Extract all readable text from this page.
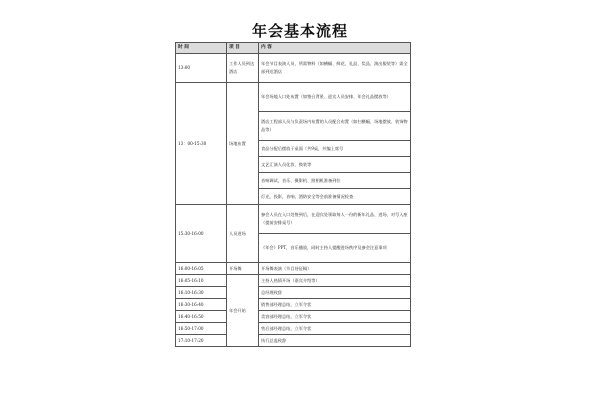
年会基本流程
时 间	项 目	内 容
13:00	工作人员到达酒店	年会节目表演人员、所需物料（如横幅、鲜花、礼品、奖品、演出服装等）需全部到达酒店
13：00-15:30	场地布置	年会场地入口处布置（如签台背景、迎宾人员安排、年会礼品摆放等）
		酒店工程部人员与负责场内布置的人员配合布置（如扫横幅、场地摆放、装饰物品等）
		食品分配后摆放于桌面（共9桌，并编上席号
		文艺汇演人员化妆、换装等
		音响调试，音乐、摄影机、照相机准备到位
		灯光，投影，音响，酒防安全等会前准备情况检查
15:30-16:00	人员进场	参会人员在入口处签到后，在迎宾处领取每人一份的新年礼品、进场，对号入座（提前安排桌号）
		《年会》PPT，音乐播放，同时主持人提醒进场秩序及参会注意事项
16:00-16:05	开场舞	开场舞表演（节目待征稿）
16:05-16:10	年会开始	主持人热情开场（嘉宾介绍等）
16:10-16:30		总经理致辞
16:30-16:40		销售部经理总结，立军令状
16:40-16:50		美容部经理总结，立军令状
16:50-17:00		售后部经理总结，立军令状
17:10-17:20		执行总监致辞
